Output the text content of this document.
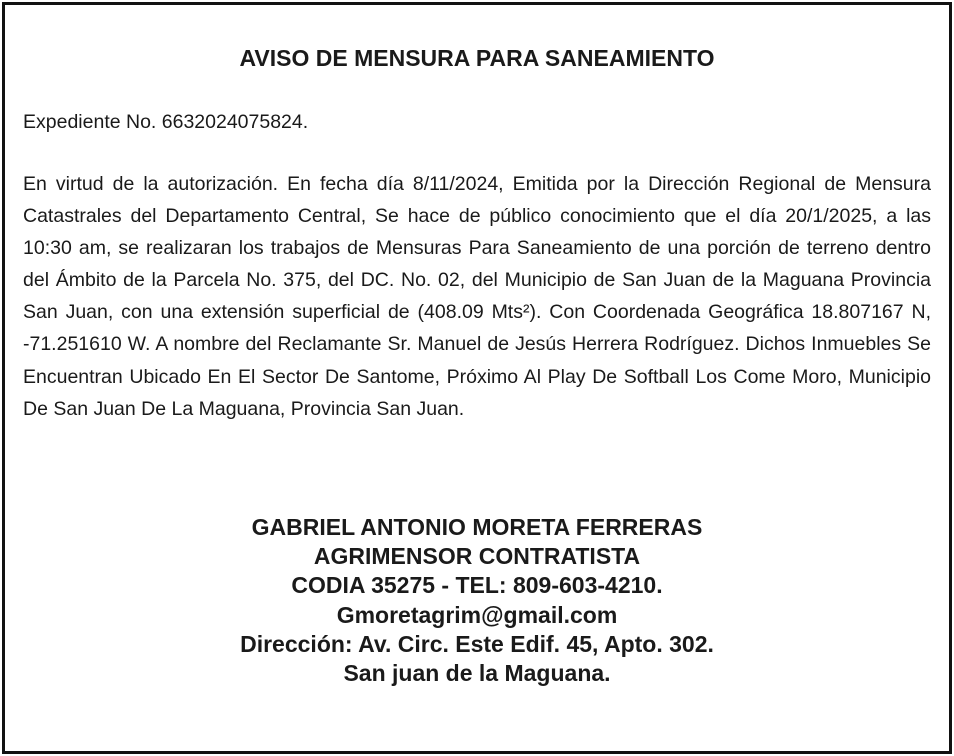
AVISO DE MENSURA PARA SANEAMIENTO

Expediente No. 6632024075824.

En virtud de la autorización. En fecha día 8/11/2024, Emitida por la Dirección Regional de Mensura Catastrales del Departamento Central, Se hace de público conocimiento que el día 20/1/2025, a las 10:30 am, se realizaran los trabajos de Mensuras Para Saneamiento de una porción de terreno dentro del Ámbito de la Parcela No. 375, del DC. No. 02, del Municipio de San Juan de la Maguana Provincia San Juan, con una extensión superficial de (408.09 Mts²). Con Coordenada Geográfica 18.807167 N, -71.251610 W. A nombre del Reclamante Sr. Manuel de Jesús Herrera Rodríguez. Dichos Inmuebles Se Encuentran Ubicado En El Sector De Santome, Próximo Al Play De Softball Los Come Moro, Municipio De San Juan De La Maguana, Provincia San Juan.

GABRIEL ANTONIO MORETA FERRERAS
AGRIMENSOR CONTRATISTA
CODIA 35275 - TEL: 809-603-4210.
Gmoretagrim@gmail.com
Dirección: Av. Circ. Este Edif. 45, Apto. 302.
San juan de la Maguana.
